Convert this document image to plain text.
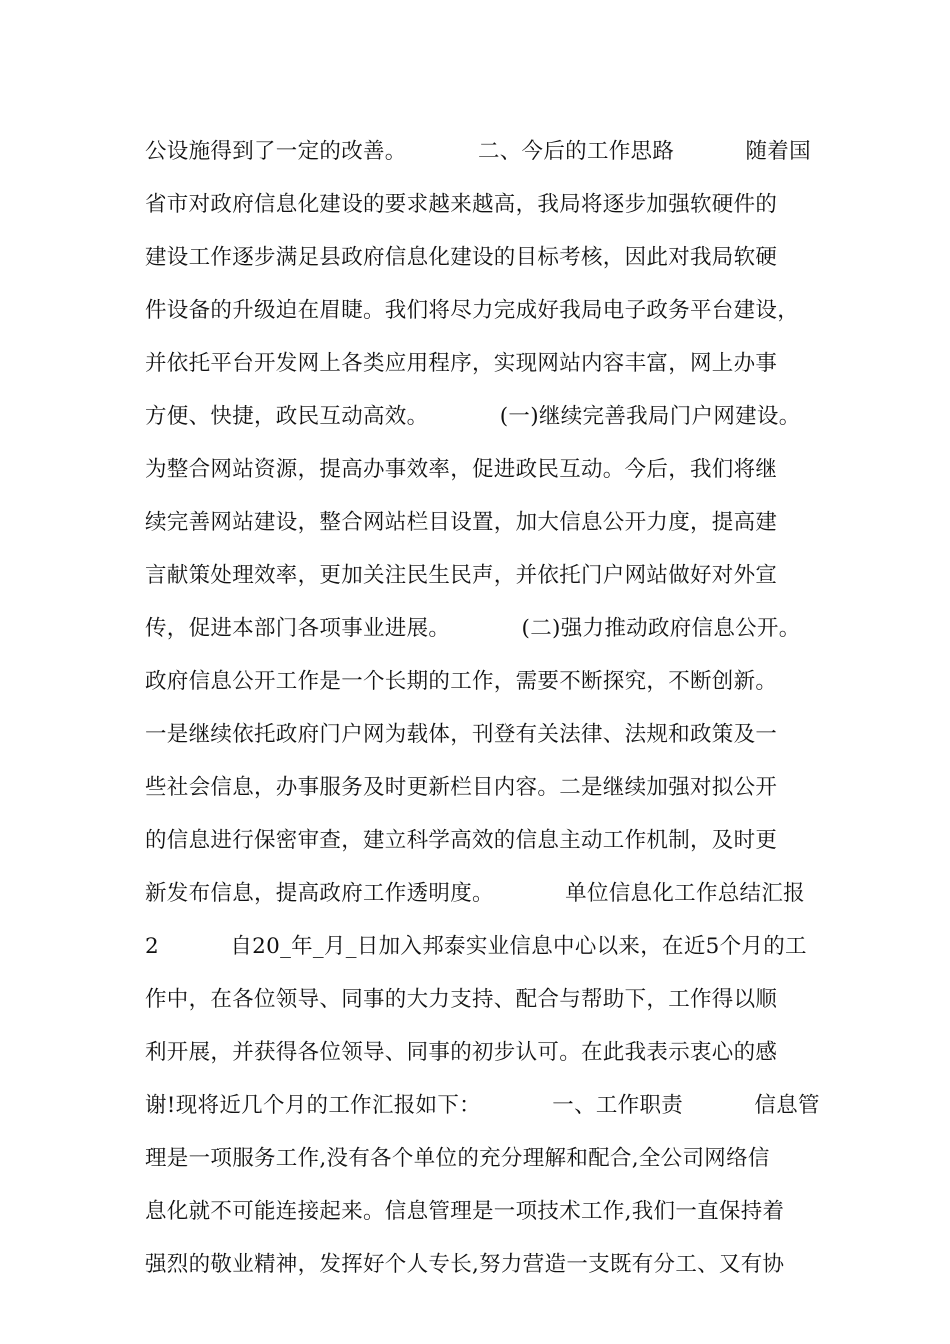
公设施得到了一定的改善。          二、今后的工作思路          随着国
省市对政府信息化建设的要求越来越高，我局将逐步加强软硬件的
建设工作逐步满足县政府信息化建设的目标考核，因此对我局软硬
件设备的升级迫在眉睫。我们将尽力完成好我局电子政务平台建设，
并依托平台开发网上各类应用程序，实现网站内容丰富，网上办事
方便、快捷，政民互动高效。          (一)继续完善我局门户网建设。
为整合网站资源，提高办事效率，促进政民互动。今后，我们将继
续完善网站建设，整合网站栏目设置，加大信息公开力度，提高建
言献策处理效率，更加关注民生民声，并依托门户网站做好对外宣
传，促进本部门各项事业进展。          (二)强力推动政府信息公开。
政府信息公开工作是一个长期的工作，需要不断探究，不断创新。
一是继续依托政府门户网为载体，刊登有关法律、法规和政策及一
些社会信息，办事服务及时更新栏目内容。二是继续加强对拟公开
的信息进行保密审查，建立科学高效的信息主动工作机制，及时更
新发布信息，提高政府工作透明度。          单位信息化工作总结汇报
2          自20_年_月_日加入邦泰实业信息中心以来，在近5个月的工
作中，在各位领导、同事的大力支持、配合与帮助下，工作得以顺
利开展，并获得各位领导、同事的初步认可。在此我表示衷心的感
谢!现将近几个月的工作汇报如下：          一、工作职责          信息管
理是一项服务工作,没有各个单位的充分理解和配合,全公司网络信
息化就不可能连接起来。信息管理是一项技术工作,我们一直保持着
强烈的敬业精神，发挥好个人专长,努力营造一支既有分工、又有协
